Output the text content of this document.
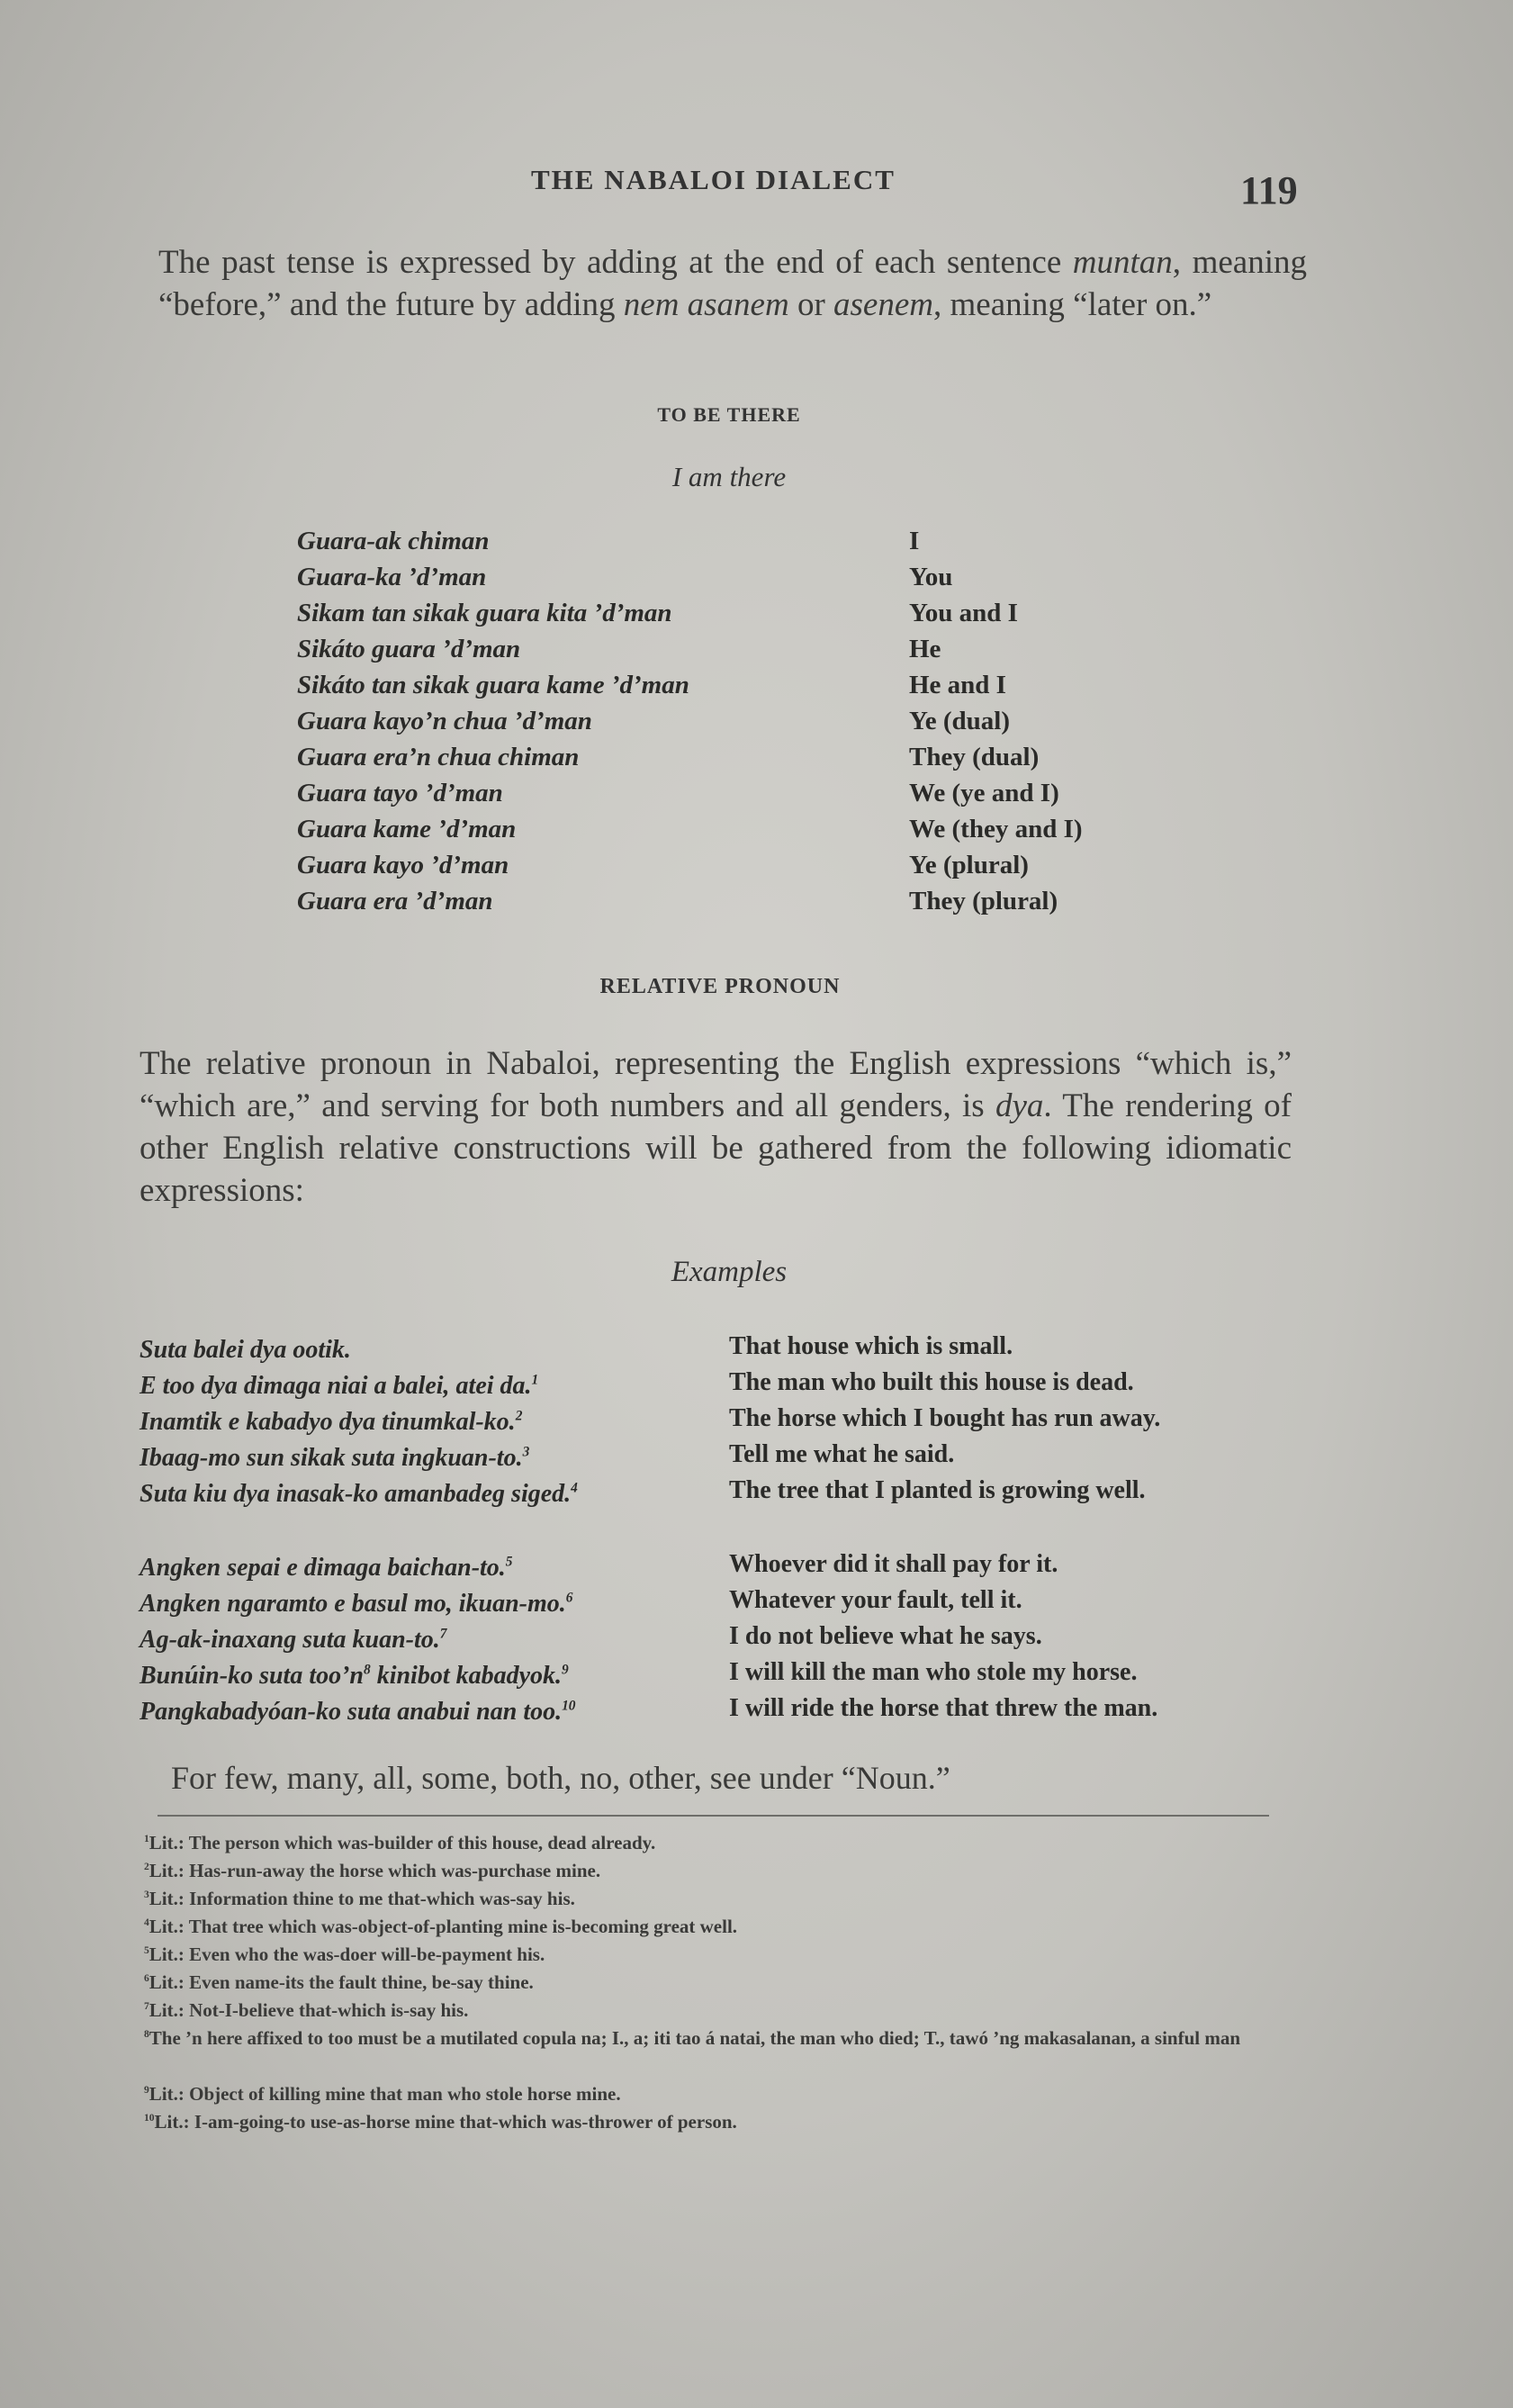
THE NABALOI DIALECT	119
The past tense is expressed by adding at the end of each sentence muntan, meaning “before,” and the future by adding nem asanem or asenem, meaning “later on.”
TO BE THERE
I am there
Guara-ak chiman	I
Guara-ka ’d’man	You
Sikam tan sikak guara kita ’d’man	You and I
Sikáto guara ’d’man	He
Sikáto tan sikak guara kame ’d’man	He and I
Guara kayo’n chua ’d’man	Ye (dual)
Guara era’n chua chiman	They (dual)
Guara tayo ’d’man	We (ye and I)
Guara kame ’d’man	We (they and I)
Guara kayo ’d’man	Ye (plural)
Guara era ’d’man	They (plural)
RELATIVE PRONOUN
The relative pronoun in Nabaloi, representing the English expressions “which is,” “which are,” and serving for both numbers and all genders, is dya. The rendering of other English relative constructions will be gathered from the following idiomatic expressions:
Examples
Suta balei dya ootik.	That house which is small.
E too dya dimaga niai a balei, atei da.$^1$	The man who built this house is dead.
Inamtik e kabadyo dya tinumkal-ko.$^2$	The horse which I bought has run away.
Ibaag-mo sun sikak suta ingkuan-to.$^3$	Tell me what he said.
Suta kiu dya inasak-ko amanbadeg siged.$^4$	The tree that I planted is growing well.
Angken sepai e dimaga baichan-to.$^5$	Whoever did it shall pay for it.
Angken ngaramto e basul mo, ikuan-mo.$^6$	Whatever your fault, tell it.
Ag-ak-inaxang suta kuan-to.$^7$	I do not believe what he says.
Bunúin-ko suta $too’n^8$ kinibot kabadyok.$^9$	I will kill the man who stole my horse.
Pangkabadyóan-ko suta anabui nan too.$^{10}$	I will ride the horse that threw the man.
For few, many, all, some, both, no, other, see under “Noun.”
$^1$Lit.: The person which was-builder of this house, dead already.
$^2$Lit.: Has-run-away the horse which was-purchase mine.
$^3$Lit.: Information thine to me that-which was-say his.
$^4$Lit.: That tree which was-object-of-planting mine is-becoming great well.
$^5$Lit.: Even who the was-doer will-be-payment his.
$^6$Lit.: Even name-its the fault thine, be-say thine.
$^7$Lit.: Not-I-believe that-which is-say his.
$^8$The ’n here affixed to too must be a mutilated copula na; I., a; iti tao á natai, the man who died; T., tawó ’ng makasalanan, a sinful man
$^9$Lit.: Object of killing mine that man who stole horse mine.
$^{10}$Lit.: I-am-going-to use-as-horse mine that-which was-thrower of person.
